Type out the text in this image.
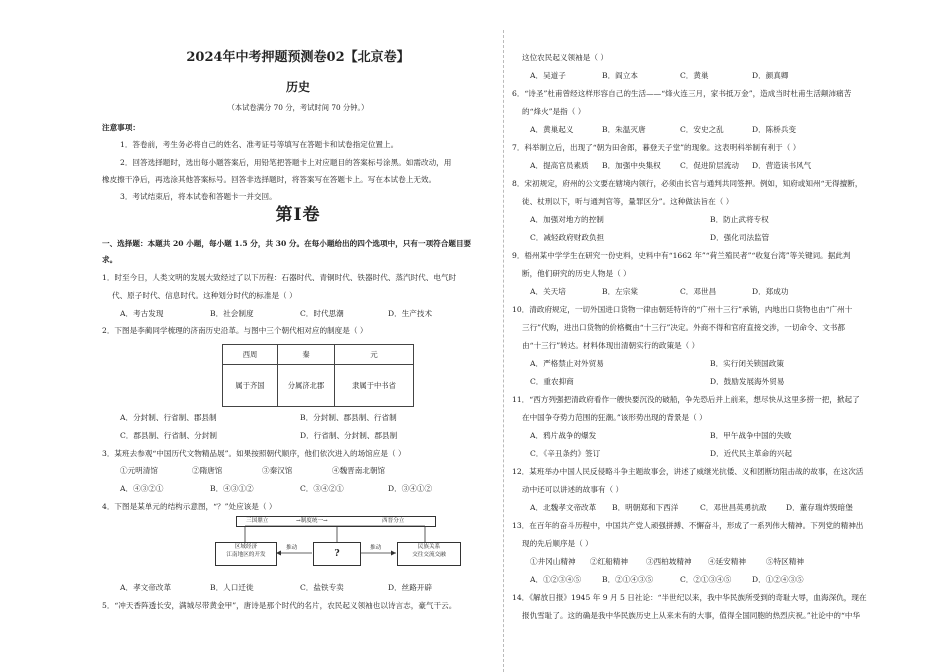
2024年中考押题预测卷02【北京卷】
历史
（本试卷满分 70 分，考试时间 70 分钟。）
注意事项：
1．答卷前，考生务必将自己的姓名、准考证号等填写在答题卡和试卷指定位置上。
2．回答选择题时，选出每小题答案后，用铅笔把答题卡上对应题目的答案标号涂黑。如需改动，用
橡皮擦干净后，再选涂其他答案标号。回答非选择题时，将答案写在答题卡上。写在本试卷上无效。
3．考试结束后，将本试卷和答题卡一并交回。
第Ⅰ卷
一、选择题：本题共 20 小题，每小题 1.5 分，共 30 分。在每小题给出的四个选项中，只有一项符合题目要
求。
1．时至今日，人类文明的发展大致经过了以下历程：石器时代、青铜时代、铁器时代、蒸汽时代、电气时
代、原子时代、信息时代。这种划分时代的标准是（ ）
A．考古发现	B．社会制度	C．时代思潮	D．生产技术
2．下图是李蔺同学梳理的济南历史沿革。与图中三个朝代相对应的制度是（ ）
西周	秦	元
属于齐国	分属济北郡	隶属于中书省
A．分封制、行省制、郡县制	B．分封制、郡县制、行省制
C．郡县制、行省制、分封制	D．行省制、分封制、郡县制
3．某班去参观“中国历代文物精品展”。如果按照朝代顺序，他们依次进入的场馆应是（ ）
①元明清馆	②隋唐馆	③秦汉馆	④魏晋南北朝馆
A．④③②①	B．④③①②	C．③④②①	D．③④①②
4．下图是某单元的结构示意图，“？”处应该是（ ）
三国鼎立	→制度统一→	西晋分立
区域经济
江南地区的开发
推动
?
推动	民族关系
交往交流交融
A．孝文帝改革	B．人口迁徙	C．盐铁专卖	D．丝路开辟
5．“冲天香阵透长安，满城尽带黄金甲”，唐诗是那个时代的名片，农民起义领袖也以诗言志，豪气干云。
这位农民起义领袖是（ ）
A．吴道子	B．阎立本	C．黄巢	D．颜真卿
6．“诗圣”杜甫曾经这样形容自己的生活——“烽火连三月，家书抵万金”，造成当时杜甫生活颠沛痛苦
的“烽火”是指（ ）
A．黄巢起义	B．朱温灭唐	C．安史之乱	D．陈桥兵变
7．科举制立后，出现了“朝为田舍郎，暮登天子堂”的现象。这表明科举制有利于（ ）
A．提高官员素质 B．加强中央集权	C．促进阶层流动 D．营造读书风气
8．宋初规定，府州的公文要在辖境内领行，必须由长官与通判共同签押。例如，知府或知州“无得擅断，
徒、杖刑以下，听与通判官等，量罪区分”。这种做法旨在（ ）
A．加强对地方的控制	B．防止武将专权
C．减轻政府财政负担	D．强化司法监管
9．梧州某中学学生在研究一份史料，史料中有“1662 年”“荷兰殖民者”“收复台湾”等关键词。据此判
断，他们研究的历史人物是（ ）
A．关天培	B．左宗棠	C．邓世昌	D．郑成功
10．清政府规定，一切外国进口货物一律由朝廷特许的“广州十三行”承销，内地出口货物也由“广州十
三行”代购，进出口货物的价格概由“十三行”决定。外商不得和官府直接交涉，一切命令、文书都
由“十三行”转达。材料体现出清朝实行的政策是（ ）
A．严格禁止对外贸易	B．实行闭关锁国政策
C．重农抑商	D．鼓励发展海外贸易
11．“西方列强把清政府看作一艘快要沉没的破船，争先恐后并上前来，想尽快从这里多捞一把，掀起了
在中国争夺势力范围的狂潮。”该形势出现的背景是（ ）
A．鸦片战争的爆发	B．甲午战争中国的失败
C．《辛丑条约》签订	D．近代民主革命的兴起
12．某班举办中国人民反侵略斗争主题故事会，讲述了威继光抗倭、义和团断坊阻击战的故事，在这次活
动中还可以讲述的故事有（ ）
A．北魏孝文帝改革 B．明朝郑和下西洋	C．邓世昌英勇抗敌	D．董存瑞炸毁暗堡
13．在百年的奋斗历程中，中国共产党人顽强拼搏、不懈奋斗，形成了一系列伟大精神。下列党的精神出
现的先后顺序是（ ）
①井冈山精神 ②红船精神 ③西柏坡精神 ④延安精神	⑤特区精神
A．①②③④⑤	B．②①④③⑤	C．②①③④⑤	D．①②④③⑤
14．《解放日报》1945 年 9 月 5 日社论：“半世纪以来，我中华民族所受到的奇耻大辱，血海深仇，现在
报仇雪耻了。这的确是我中华民族历史上从来未有的大事，值得全国同胞的热烈庆祝。”社论中的“中华
